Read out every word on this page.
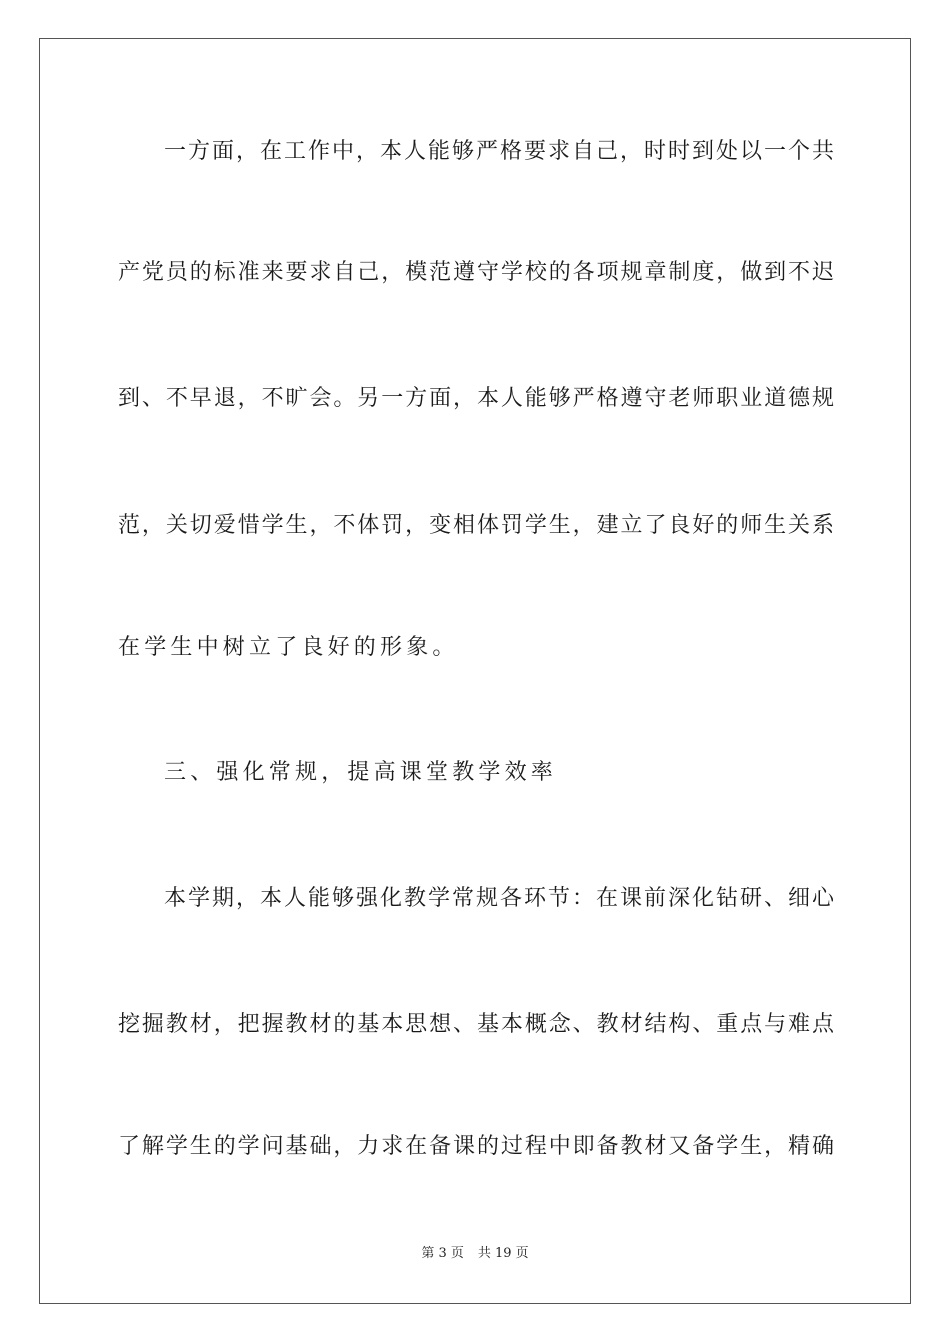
一方面，在工作中，本人能够严格要求自己，时时到处以一个共
产党员的标准来要求自己，模范遵守学校的各项规章制度，做到不迟
到、不早退，不旷会。另一方面，本人能够严格遵守老师职业道德规
范，关切爱惜学生，不体罚，变相体罚学生，建立了良好的师生关系
在学生中树立了良好的形象。
三、强化常规，提高课堂教学效率
本学期，本人能够强化教学常规各环节：在课前深化钻研、细心
挖掘教材，把握教材的基本思想、基本概念、教材结构、重点与难点
了解学生的学问基础，力求在备课的过程中即备教材又备学生，精确
第 3 页 共 19 页
